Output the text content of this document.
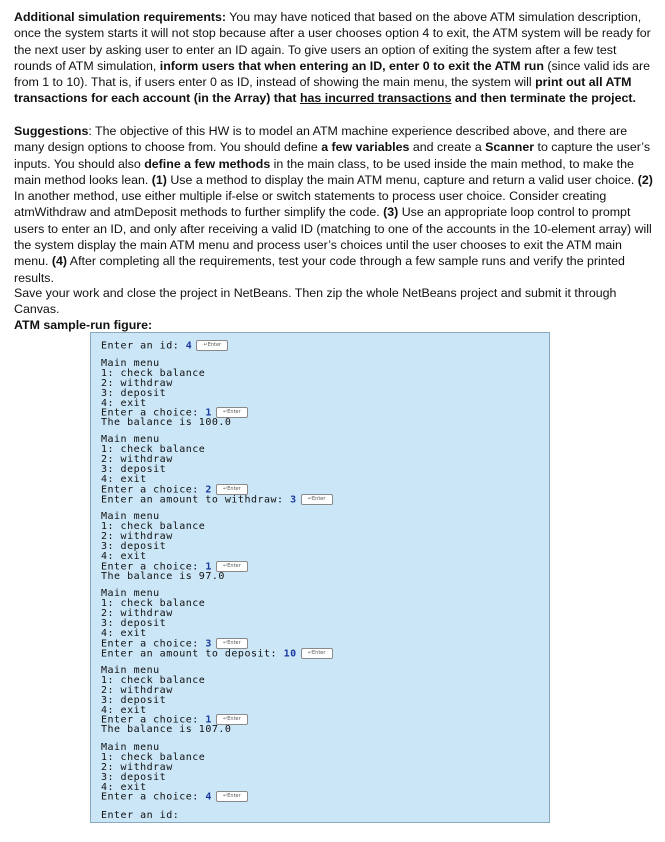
Additional simulation requirements: You may have noticed that based on the above ATM simulation description, once the system starts it will not stop because after a user chooses option 4 to exit, the ATM system will be ready for the next user by asking user to enter an ID again. To give users an option of exiting the system after a few test rounds of ATM simulation, inform users that when entering an ID, enter 0 to exit the ATM run (since valid ids are from 1 to 10). That is, if users enter 0 as ID, instead of showing the main menu, the system will print out all ATM transactions for each account (in the Array) that has incurred transactions and then terminate the project.
Suggestions: The objective of this HW is to model an ATM machine experience described above, and there are many design options to choose from. You should define a few variables and create a Scanner to capture the user’s inputs. You should also define a few methods in the main class, to be used inside the main method, to make the main method looks lean. (1) Use a method to display the main ATM menu, capture and return a valid user choice. (2) In another method, use either multiple if-else or switch statements to process user choice. Consider creating atmWithdraw and atmDeposit methods to further simplify the code. (3) Use an appropriate loop control to prompt users to enter an ID, and only after receiving a valid ID (matching to one of the accounts in the 10-element array) will the system display the main ATM menu and process user’s choices until the user chooses to exit the ATM main menu. (4) After completing all the requirements, test your code through a few sample runs and verify the printed results.
Save your work and close the project in NetBeans. Then zip the whole NetBeans project and submit it through Canvas.
ATM sample-run figure:
Enter an id: 4 ↵Enter
Main menu
1: check balance
2: withdraw
3: deposit
4: exit
Enter a choice: 1 ↵Enter
The balance is 100.0
Main menu
1: check balance
2: withdraw
3: deposit
4: exit
Enter a choice: 2 ↵Enter
Enter an amount to withdraw: 3 ↵Enter
Main menu
1: check balance
2: withdraw
3: deposit
4: exit
Enter a choice: 1 ↵Enter
The balance is 97.0
Main menu
1: check balance
2: withdraw
3: deposit
4: exit
Enter a choice: 3 ↵Enter
Enter an amount to deposit: 10 ↵Enter
Main menu
1: check balance
2: withdraw
3: deposit
4: exit
Enter a choice: 1 ↵Enter
The balance is 107.0
Main menu
1: check balance
2: withdraw
3: deposit
4: exit
Enter a choice: 4 ↵Enter
Enter an id:
